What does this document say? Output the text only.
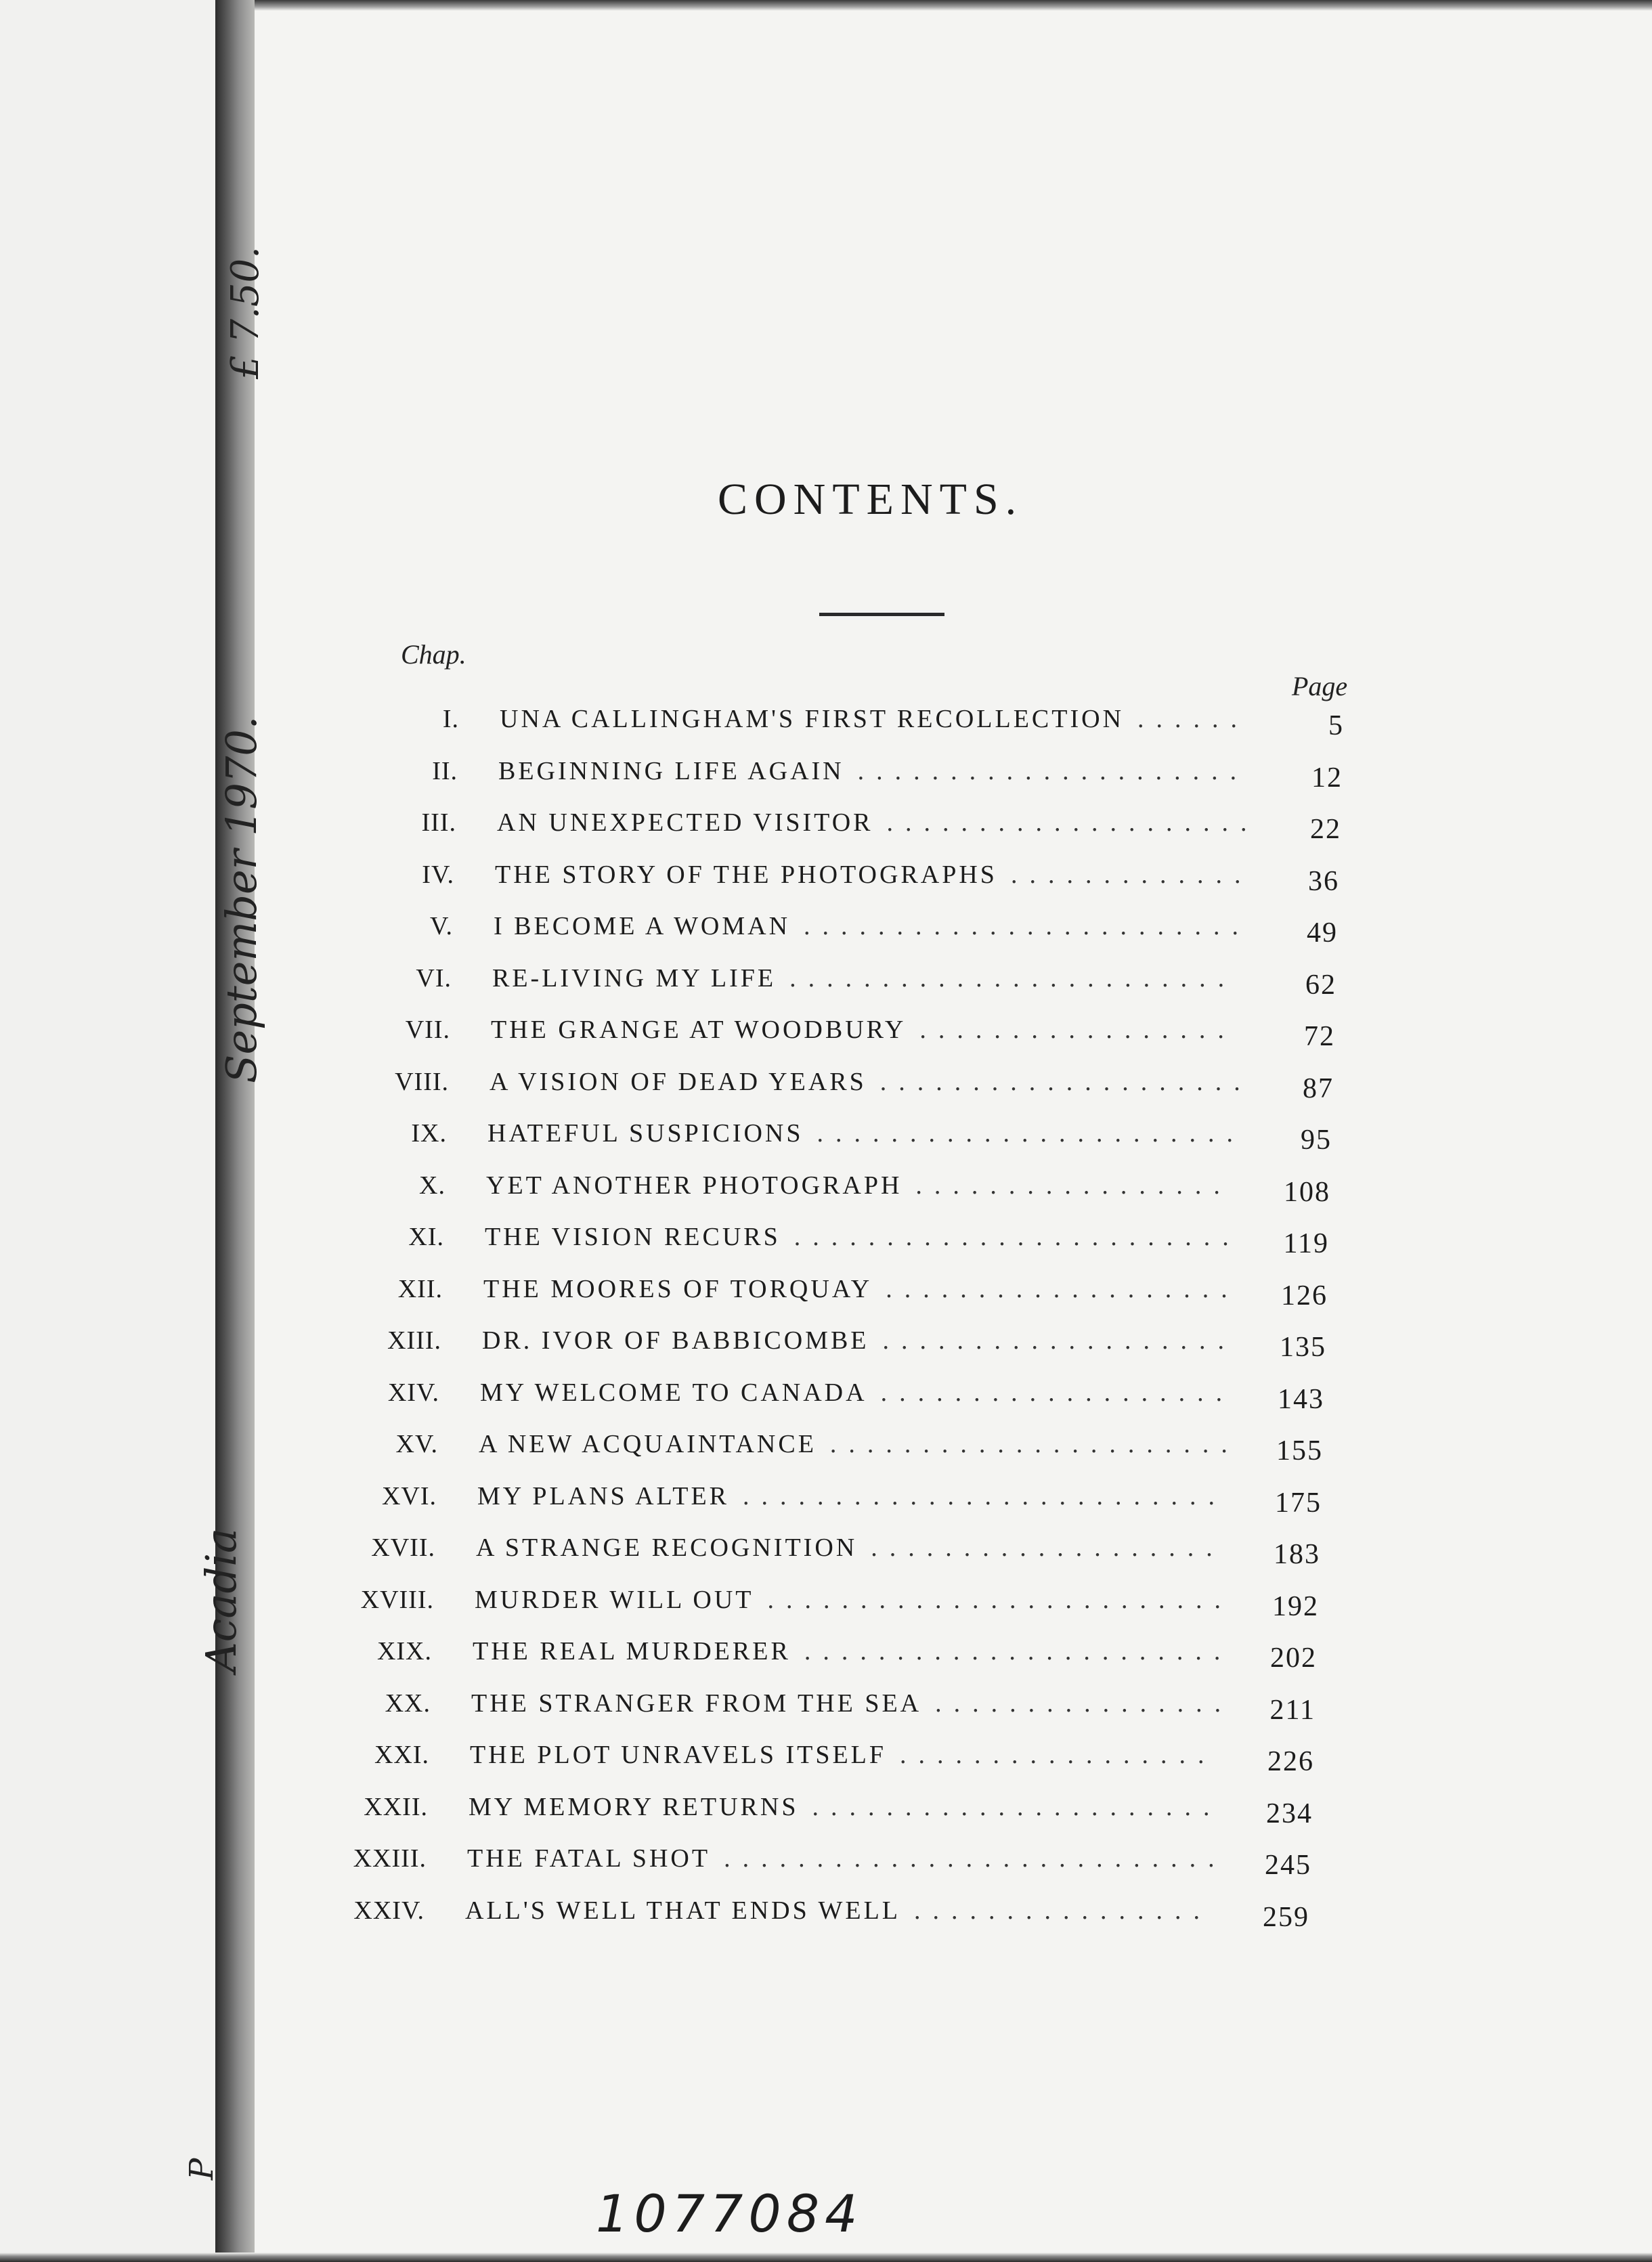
£ 7.50.
September 1970.
Acadia
P
CONTENTS.
Chap.
Page
I. UNA CALLINGHAM'S FIRST RECOLLECTION ......	5
II. BEGINNING LIFE AGAIN .....................	12
III. AN UNEXPECTED VISITOR .................... 22
IV. THE STORY OF THE PHOTOGRAPHS .............	36
V. I BECOME A WOMAN ........................	49
VI. RE-LIVING MY LIFE ........................	62
VII. THE GRANGE AT WOODBURY .................	72
VIII. A VISION OF DEAD YEARS .................... 87
IX. HATEFUL SUSPICIONS .......................	95
X. YET ANOTHER PHOTOGRAPH .................	108
XI. THE VISION RECURS ........................	119
XII. THE MOORES OF TORQUAY ...................	126
XIII. DR. IVOR OF BABBICOMBE ...................	135
XIV. MY WELCOME TO CANADA ...................	143
XV. A NEW ACQUAINTANCE ......................	155
XVI. MY PLANS ALTER ..........................	175
XVII. A STRANGE RECOGNITION ...................	183
XVIII. MURDER WILL OUT .........................	192
XIX. THE REAL MURDERER .......................	202
XX. THE STRANGER FROM THE SEA ................ 211
XXI. THE PLOT UNRAVELS ITSELF .................	226
XXII. MY MEMORY RETURNS ......................	234
XXIII. THE FATAL SHOT ...........................	245
XXIV. ALL'S WELL THAT ENDS WELL ................	259
1077084
